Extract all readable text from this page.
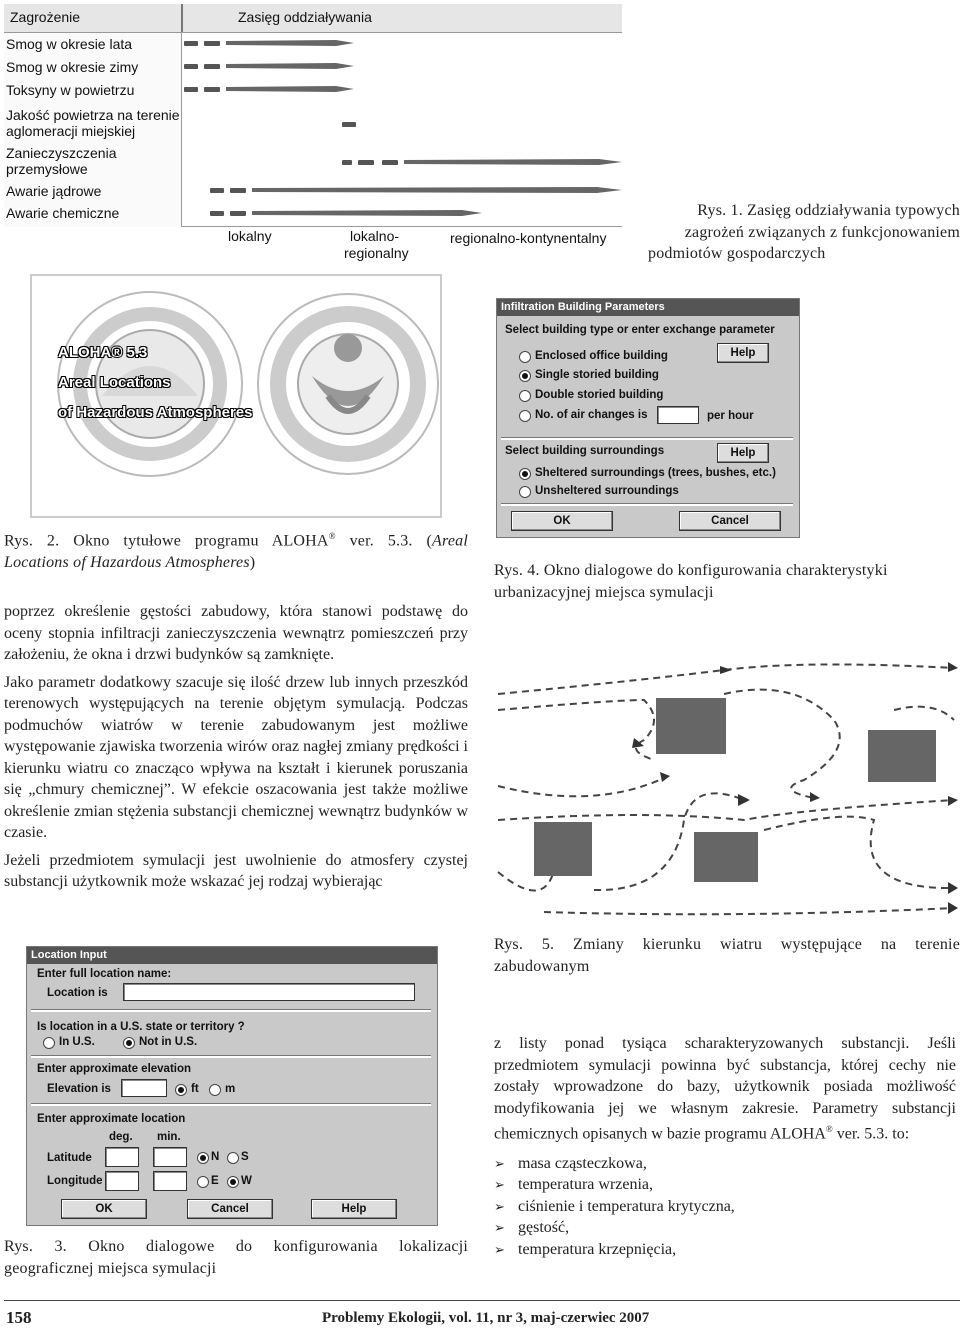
Zagrożenie	Zasięg oddziaływania
Smog w okresie lata
Smog w okresie zimy
Toksyny w powietrzu
Jakość powietrza na terenie
aglomeracji miejskiej
Zanieczyszczenia
przemysłowe
Awarie jądrowe
Awarie chemiczne
lokalny	lokalno-
regionalny
regionalno-kontynentalny

Rys. 1. Zasięg oddziaływania typowych

zagrożeń związanych z funkcjonowaniem

podmiotów gospodarczych

ALOHA® 5.3
Areal Locations
of Hazardous Atmospheres

Rys. 2. Okno tytułowe programu ALOHA® ver. 5.3. (Areal

Locations of Hazardous Atmospheres)

Infiltration Building Parameters
Select building type or enter exchange parameter
Enclosed office building	Help
Single storied building
Double storied building
No. of air changes is	per hour
Select building surroundings	Help
Sheltered surroundings (trees, bushes, etc.)
Unsheltered surroundings
OK	Cancel

Rys. 4. Okno dialogowe do konfigurowania charakterystyki

urbanizacyjnej miejsca symulacji

poprzez określenie gęstości zabudowy, która stanowi podstawę do oceny stopnia infiltracji zanieczyszczenia wewnątrz pomieszczeń przy założeniu, że okna i drzwi budynków są zamknięte.

Jako parametr dodatkowy szacuje się ilość drzew lub innych przeszkód terenowych występujących na terenie objętym symulacją. Podczas podmuchów wiatrów w terenie zabudowanym jest możliwe występowanie zjawiska tworzenia wirów oraz nagłej zmiany prędkości i kierunku wiatru co znacząco wpływa na kształt i kierunek poruszania się „chmury chemicznej”. W efekcie oszacowania jest także możliwe określenie zmian stężenia substancji chemicznej wewnątrz budynków w czasie.

Jeżeli przedmiotem symulacji jest uwolnienie do atmosfery czystej substancji użytkownik może wskazać jej rodzaj wybierając

Rys. 5. Zmiany kierunku wiatru występujące na terenie

zabudowanym

Location Input
Enter full location name:
Location is
Is location in a U.S. state or territory ?
In U.S.	Not in U.S.
Enter approximate elevation
Elevation is	ft m
Enter approximate location
deg. min.
Latitude	N S
Longitude	E W
OK	Cancel	Help

Rys. 3. Okno dialogowe do konfigurowania lokalizacji

geograficznej miejsca symulacji

z listy ponad tysiąca scharakteryzowanych substancji. Jeśli przedmiotem symulacji powinna być substancja, której cechy nie zostały wprowadzone do bazy, użytkownik posiada możliwość modyfikowania jej we własnym zakresie. Parametry substancji chemicznych opisanych w bazie programu ALOHA® ver. 5.3. to:

➢ masa cząsteczkowa,
➢ temperatura wrzenia,
➢ ciśnienie i temperatura krytyczna,
➢ gęstość,
➢ temperatura krzepnięcia,
158	Problemy Ekologii, vol. 11, nr 3, maj-czerwiec 2007
